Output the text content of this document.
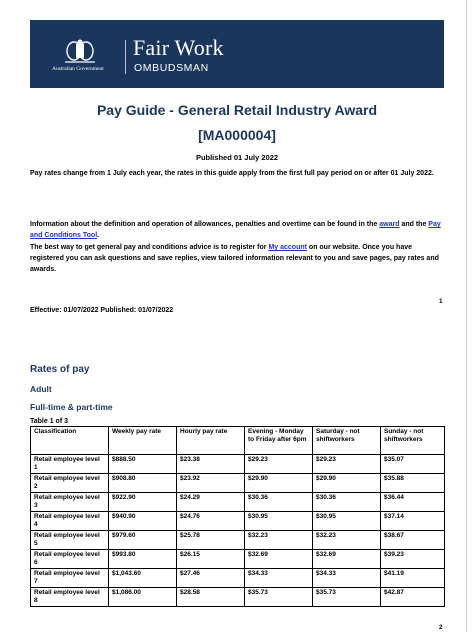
Australian Government
Fair Work
OMBUDSMAN
Pay Guide - General Retail Industry Award
[MA000004]
Published 01 July 2022
Pay rates change from 1 July each year, the rates in this guide apply from the first full pay period on or after 01 July 2022.
Information about the definition and operation of allowances, penalties and overtime can be found in the award and the Pay and Conditions Tool.
The best way to get general pay and conditions advice is to register for My account on our website. Once you have registered you can ask questions and save replies, view tailored information relevant to you and save pages, pay rates and awards.
1
Effective: 01/07/2022 Published: 01/07/2022
Rates of pay
Adult
Full-time & part-time
Table 1 of 3
Classification	Weekly pay rate	Hourly pay rate	Evening - Monday to Friday after 6pm	Saturday - not shiftworkers	Sunday - not shiftworkers
Retail employee level 1	$888.50	$23.38	$29.23	$29.23	$35.07
Retail employee level 2	$908.80	$23.92	$29.90	$29.90	$35.88
Retail employee level 3	$922.90	$24.29	$30.36	$30.36	$36.44
Retail employee level 4	$940.90	$24.76	$30.95	$30.95	$37.14
Retail employee level 5	$979.60	$25.78	$32.23	$32.23	$38.67
Retail employee level 6	$993.80	$26.15	$32.69	$32.69	$39.23
Retail employee level 7	$1,043.60	$27.46	$34.33	$34.33	$41.19
Retail employee level 8	$1,086.00	$28.58	$35.73	$35.73	$42.87
2
